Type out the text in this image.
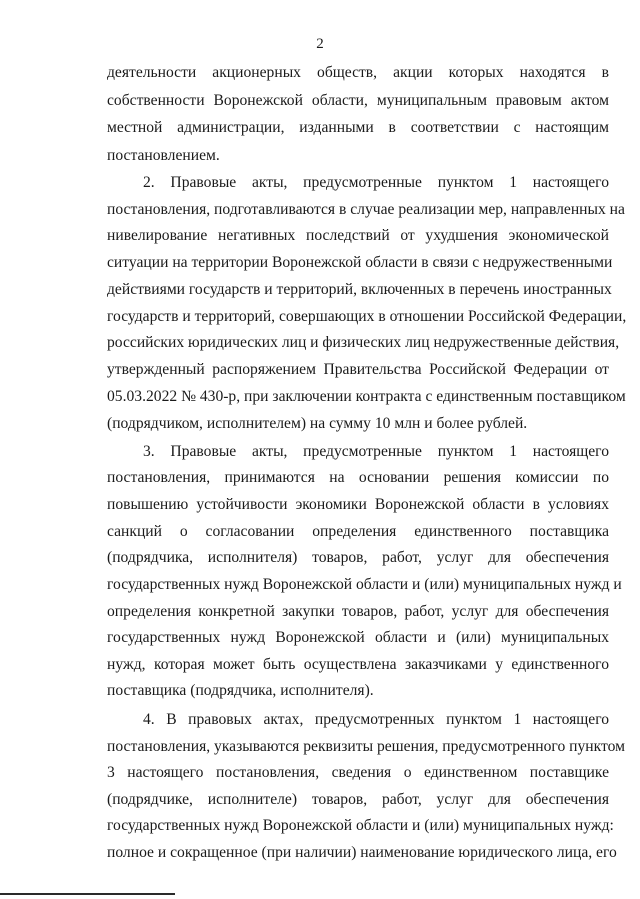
2
деятельности акционерных обществ, акции которых находятся в
собственности Воронежской области, муниципальным правовым актом
местной администрации, изданными в соответствии с настоящим
постановлением.
2. Правовые акты, предусмотренные пунктом 1 настоящего
постановления, подготавливаются в случае реализации мер, направленных на
нивелирование негативных последствий от ухудшения экономической
ситуации на территории Воронежской области в связи с недружественными
действиями государств и территорий, включенных в перечень иностранных
государств и территорий, совершающих в отношении Российской Федерации,
российских юридических лиц и физических лиц недружественные действия,
утвержденный распоряжением Правительства Российской Федерации от
05.03.2022 № 430-р, при заключении контракта с единственным поставщиком
(подрядчиком, исполнителем) на сумму 10 млн и более рублей.
3. Правовые акты, предусмотренные пунктом 1 настоящего
постановления, принимаются на основании решения комиссии по
повышению устойчивости экономики Воронежской области в условиях
санкций о согласовании определения единственного поставщика
(подрядчика, исполнителя) товаров, работ, услуг для обеспечения
государственных нужд Воронежской области и (или) муниципальных нужд и
определения конкретной закупки товаров, работ, услуг для обеспечения
государственных нужд Воронежской области и (или) муниципальных
нужд, которая может быть осуществлена заказчиками у единственного
поставщика (подрядчика, исполнителя).
4. В правовых актах, предусмотренных пунктом 1 настоящего
постановления, указываются реквизиты решения, предусмотренного пунктом
3 настоящего постановления, сведения о единственном поставщике
(подрядчике, исполнителе) товаров, работ, услуг для обеспечения
государственных нужд Воронежской области и (или) муниципальных нужд:
полное и сокращенное (при наличии) наименование юридического лица, его
